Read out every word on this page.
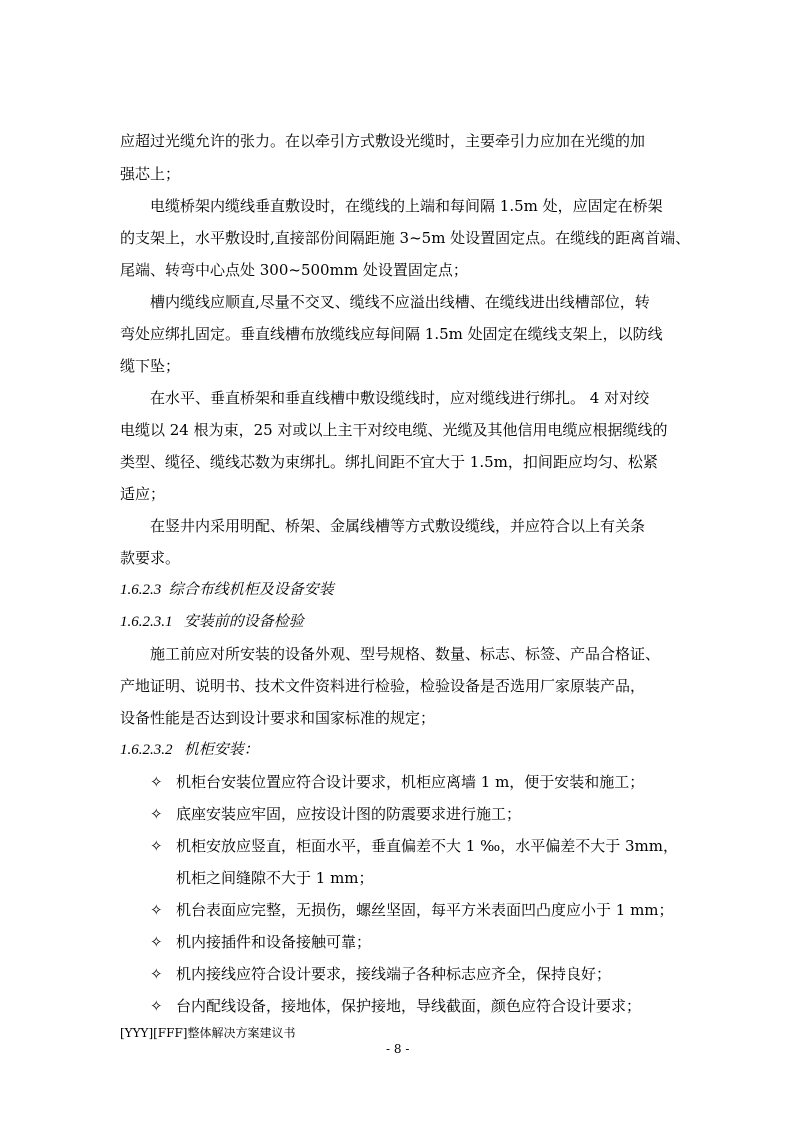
应超过光缆允许的张力。在以牵引方式敷设光缆时，主要牵引力应加在光缆的加
强芯上；
电缆桥架内缆线垂直敷设时，在缆线的上端和每间隔 1.5m 处，应固定在桥架
的支架上，水平敷设时,直接部份间隔距施 3~5m 处设置固定点。在缆线的距离首端、
尾端、转弯中心点处 300~500mm 处设置固定点；
槽内缆线应顺直,尽量不交叉、缆线不应溢出线槽、在缆线进出线槽部位，转
弯处应绑扎固定。垂直线槽布放缆线应每间隔 1.5m 处固定在缆线支架上，以防线
缆下坠；
在水平、垂直桥架和垂直线槽中敷设缆线时，应对缆线进行绑扎。 4 对对绞
电缆以 24 根为束，25 对或以上主干对绞电缆、光缆及其他信用电缆应根据缆线的
类型、缆径、缆线芯数为束绑扎。绑扎间距不宜大于 1.5m，扣间距应均匀、松紧
适应；
在竖井内采用明配、桥架、金属线槽等方式敷设缆线，并应符合以上有关条
款要求。
1.6.2.3 综合布线机柜及设备安装
1.6.2.3.1 安装前的设备检验
施工前应对所安装的设备外观、型号规格、数量、标志、标签、产品合格证、
产地证明、说明书、技术文件资料进行检验，检验设备是否选用厂家原装产品，
设备性能是否达到设计要求和国家标准的规定；
1.6.2.3.2 机柜安装：
✧ 机柜台安装位置应符合设计要求，机柜应离墙 1 m，便于安装和施工；
✧ 底座安装应牢固，应按设计图的防震要求进行施工；
✧ 机柜安放应竖直，柜面水平，垂直偏差不大 1 ‰，水平偏差不大于 3mm，
机柜之间缝隙不大于 1 mm；
✧ 机台表面应完整，无损伤，螺丝坚固，每平方米表面凹凸度应小于 1 mm；
✧ 机内接插件和设备接触可靠；
✧ 机内接线应符合设计要求，接线端子各种标志应齐全，保持良好；
✧ 台内配线设备，接地体，保护接地，导线截面，颜色应符合设计要求；
[YYY][FFF]整体解决方案建议书
- 8 -
